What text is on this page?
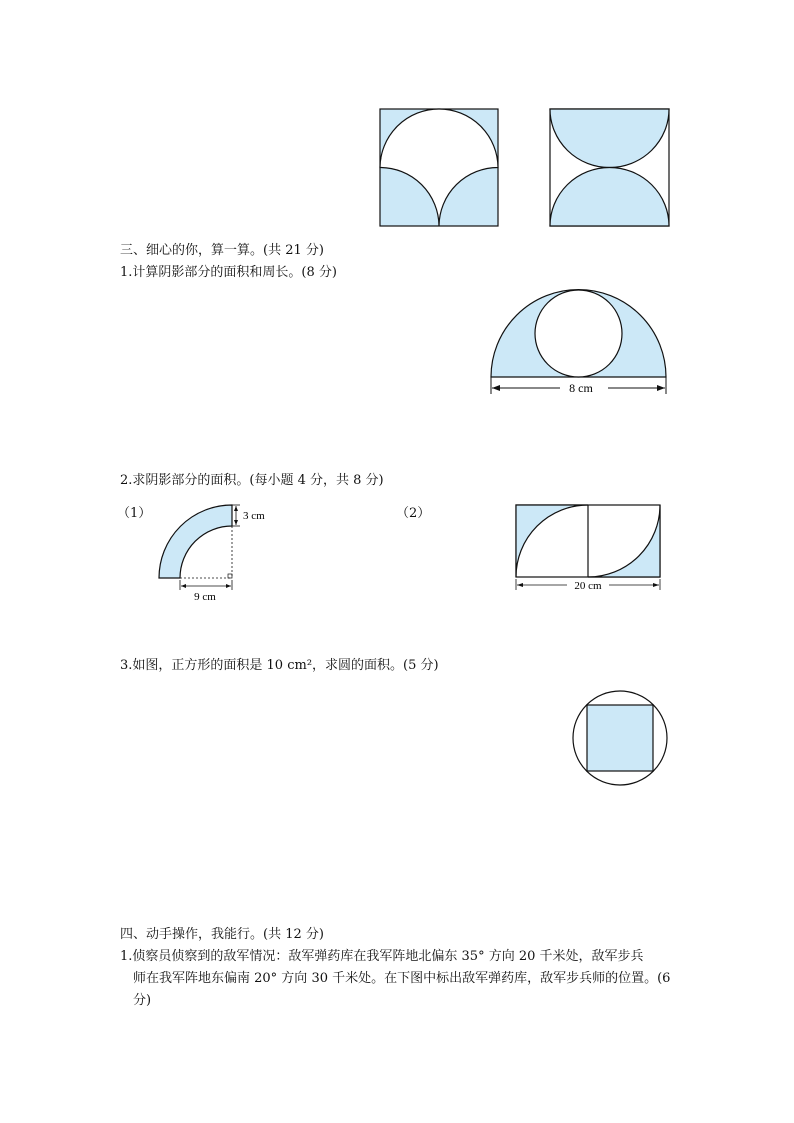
三、细心的你，算一算。(共 21 分)
1.计算阴影部分的面积和周长。(8 分)
8 cm
2.求阴影部分的面积。(每小题 4 分，共 8 分)
（1）	（2）
3 cm
9 cm
20 cm
3.如图，正方形的面积是 10 cm²，求圆的面积。(5 分)
四、动手操作，我能行。(共 12 分)
1.侦察员侦察到的敌军情况：敌军弹药库在我军阵地北偏东 35° 方向 20 千米处，敌军步兵
师在我军阵地东偏南 20° 方向 30 千米处。在下图中标出敌军弹药库，敌军步兵师的位置。(6
分)
